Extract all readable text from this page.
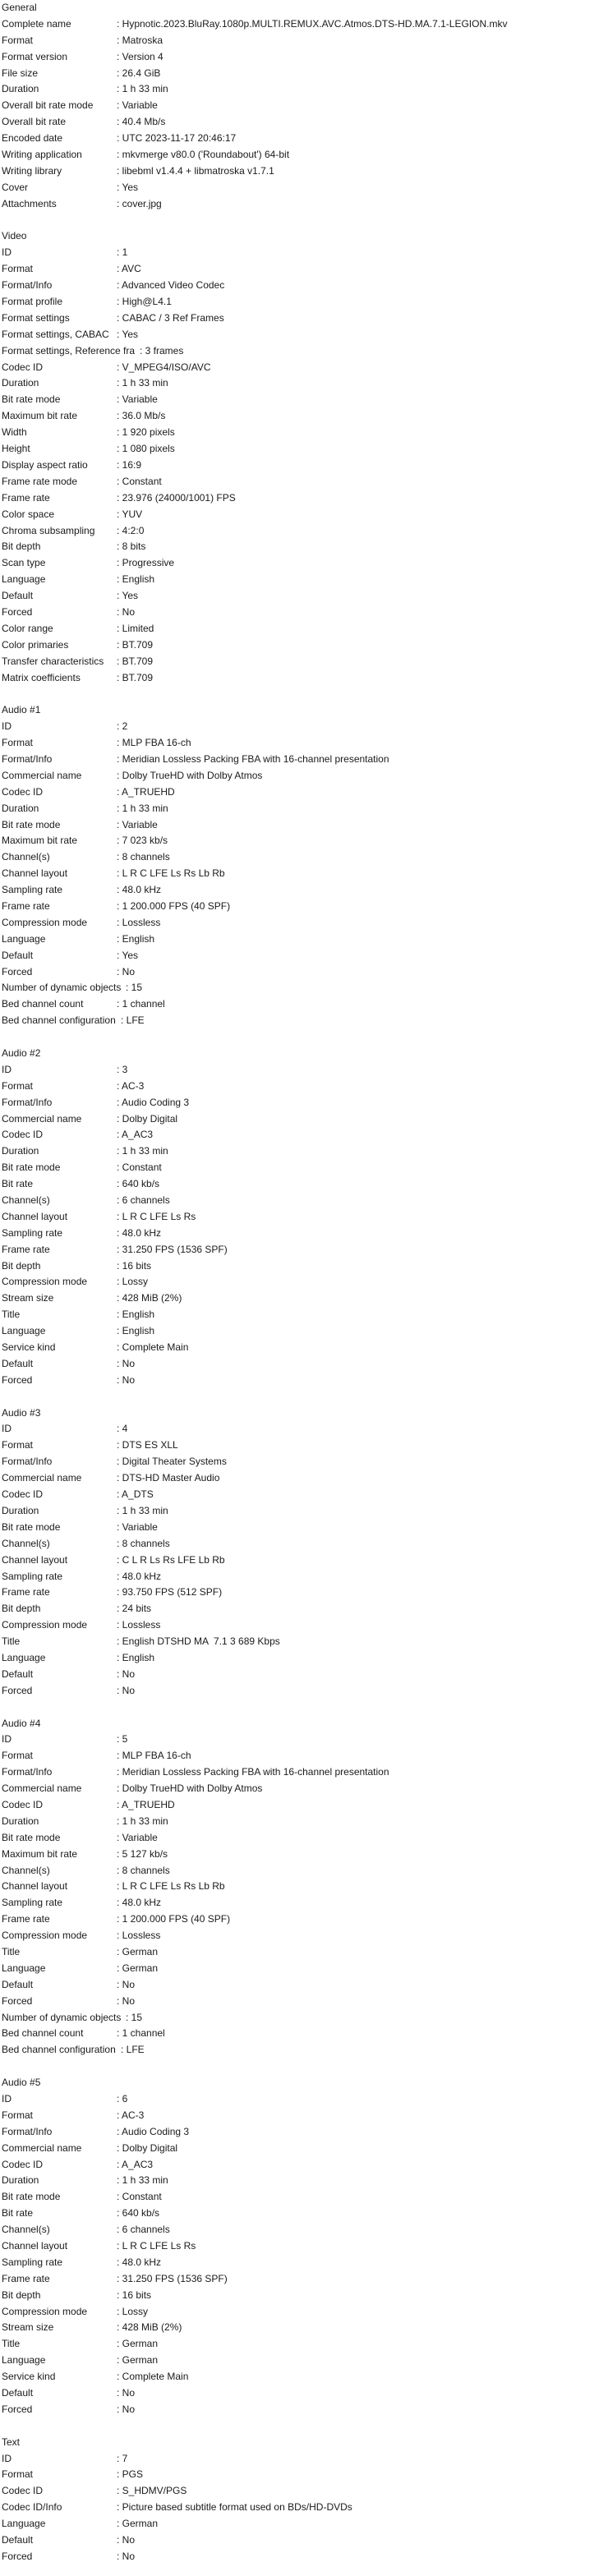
General
Complete name	: Hypnotic.2023.BluRay.1080p.MULTI.REMUX.AVC.Atmos.DTS-HD.MA.7.1-LEGION.mkv
Format	: Matroska
Format version	: Version 4
File size	: 26.4 GiB
Duration	: 1 h 33 min
Overall bit rate mode : Variable
Overall bit rate	: 40.4 Mb/s
Encoded date	: UTC 2023-11-17 20:46:17
Writing application	: mkvmerge v80.0 ('Roundabout') 64-bit
Writing library	: libebml v1.4.4 + libmatroska v1.7.1
Cover	: Yes
Attachments	: cover.jpg
Video
ID	: 1
Format	: AVC
Format/Info	: Advanced Video Codec
Format profile	: High@L4.1
Format settings	: CABAC / 3 Ref Frames
Format settings, CABAC : Yes
Format settings, Reference fra : 3 frames
Codec ID	: V_MPEG4/ISO/AVC
Duration	: 1 h 33 min
Bit rate mode	: Variable
Maximum bit rate	: 36.0 Mb/s
Width	: 1 920 pixels
Height	: 1 080 pixels
Display aspect ratio	: 16:9
Frame rate mode	: Constant
Frame rate	: 23.976 (24000/1001) FPS
Color space	: YUV
Chroma subsampling : 4:2:0
Bit depth	: 8 bits
Scan type	: Progressive
Language	: English
Default	: Yes
Forced	: No
Color range	: Limited
Color primaries	: BT.709
Transfer characteristics : BT.709
Matrix coefficients	: BT.709
Audio #1
ID	: 2
Format	: MLP FBA 16-ch
Format/Info	: Meridian Lossless Packing FBA with 16-channel presentation
Commercial name	: Dolby TrueHD with Dolby Atmos
Codec ID	: A_TRUEHD
Duration	: 1 h 33 min
Bit rate mode	: Variable
Maximum bit rate	: 7 023 kb/s
Channel(s)	: 8 channels
Channel layout	: L R C LFE Ls Rs Lb Rb
Sampling rate	: 48.0 kHz
Frame rate	: 1 200.000 FPS (40 SPF)
Compression mode	: Lossless
Language	: English
Default	: Yes
Forced	: No
Number of dynamic objects : 15
Bed channel count	: 1 channel
Bed channel configuration : LFE
Audio #2
ID	: 3
Format	: AC-3
Format/Info	: Audio Coding 3
Commercial name	: Dolby Digital
Codec ID	: A_AC3
Duration	: 1 h 33 min
Bit rate mode	: Constant
Bit rate	: 640 kb/s
Channel(s)	: 6 channels
Channel layout	: L R C LFE Ls Rs
Sampling rate	: 48.0 kHz
Frame rate	: 31.250 FPS (1536 SPF)
Bit depth	: 16 bits
Compression mode	: Lossy
Stream size	: 428 MiB (2%)
Title	: English
Language	: English
Service kind	: Complete Main
Default	: No
Forced	: No
Audio #3
ID	: 4
Format	: DTS ES XLL
Format/Info	: Digital Theater Systems
Commercial name	: DTS-HD Master Audio
Codec ID	: A_DTS
Duration	: 1 h 33 min
Bit rate mode	: Variable
Channel(s)	: 8 channels
Channel layout	: C L R Ls Rs LFE Lb Rb
Sampling rate	: 48.0 kHz
Frame rate	: 93.750 FPS (512 SPF)
Bit depth	: 24 bits
Compression mode	: Lossless
Title	: English DTSHD MA  7.1 3 689 Kbps
Language	: English
Default	: No
Forced	: No
Audio #4
ID	: 5
Format	: MLP FBA 16-ch
Format/Info	: Meridian Lossless Packing FBA with 16-channel presentation
Commercial name	: Dolby TrueHD with Dolby Atmos
Codec ID	: A_TRUEHD
Duration	: 1 h 33 min
Bit rate mode	: Variable
Maximum bit rate	: 5 127 kb/s
Channel(s)	: 8 channels
Channel layout	: L R C LFE Ls Rs Lb Rb
Sampling rate	: 48.0 kHz
Frame rate	: 1 200.000 FPS (40 SPF)
Compression mode	: Lossless
Title	: German
Language	: German
Default	: No
Forced	: No
Number of dynamic objects : 15
Bed channel count	: 1 channel
Bed channel configuration : LFE
Audio #5
ID	: 6
Format	: AC-3
Format/Info	: Audio Coding 3
Commercial name	: Dolby Digital
Codec ID	: A_AC3
Duration	: 1 h 33 min
Bit rate mode	: Constant
Bit rate	: 640 kb/s
Channel(s)	: 6 channels
Channel layout	: L R C LFE Ls Rs
Sampling rate	: 48.0 kHz
Frame rate	: 31.250 FPS (1536 SPF)
Bit depth	: 16 bits
Compression mode	: Lossy
Stream size	: 428 MiB (2%)
Title	: German
Language	: German
Service kind	: Complete Main
Default	: No
Forced	: No
Text
ID	: 7
Format	: PGS
Codec ID	: S_HDMV/PGS
Codec ID/Info	: Picture based subtitle format used on BDs/HD-DVDs
Language	: German
Default	: No
Forced	: No
